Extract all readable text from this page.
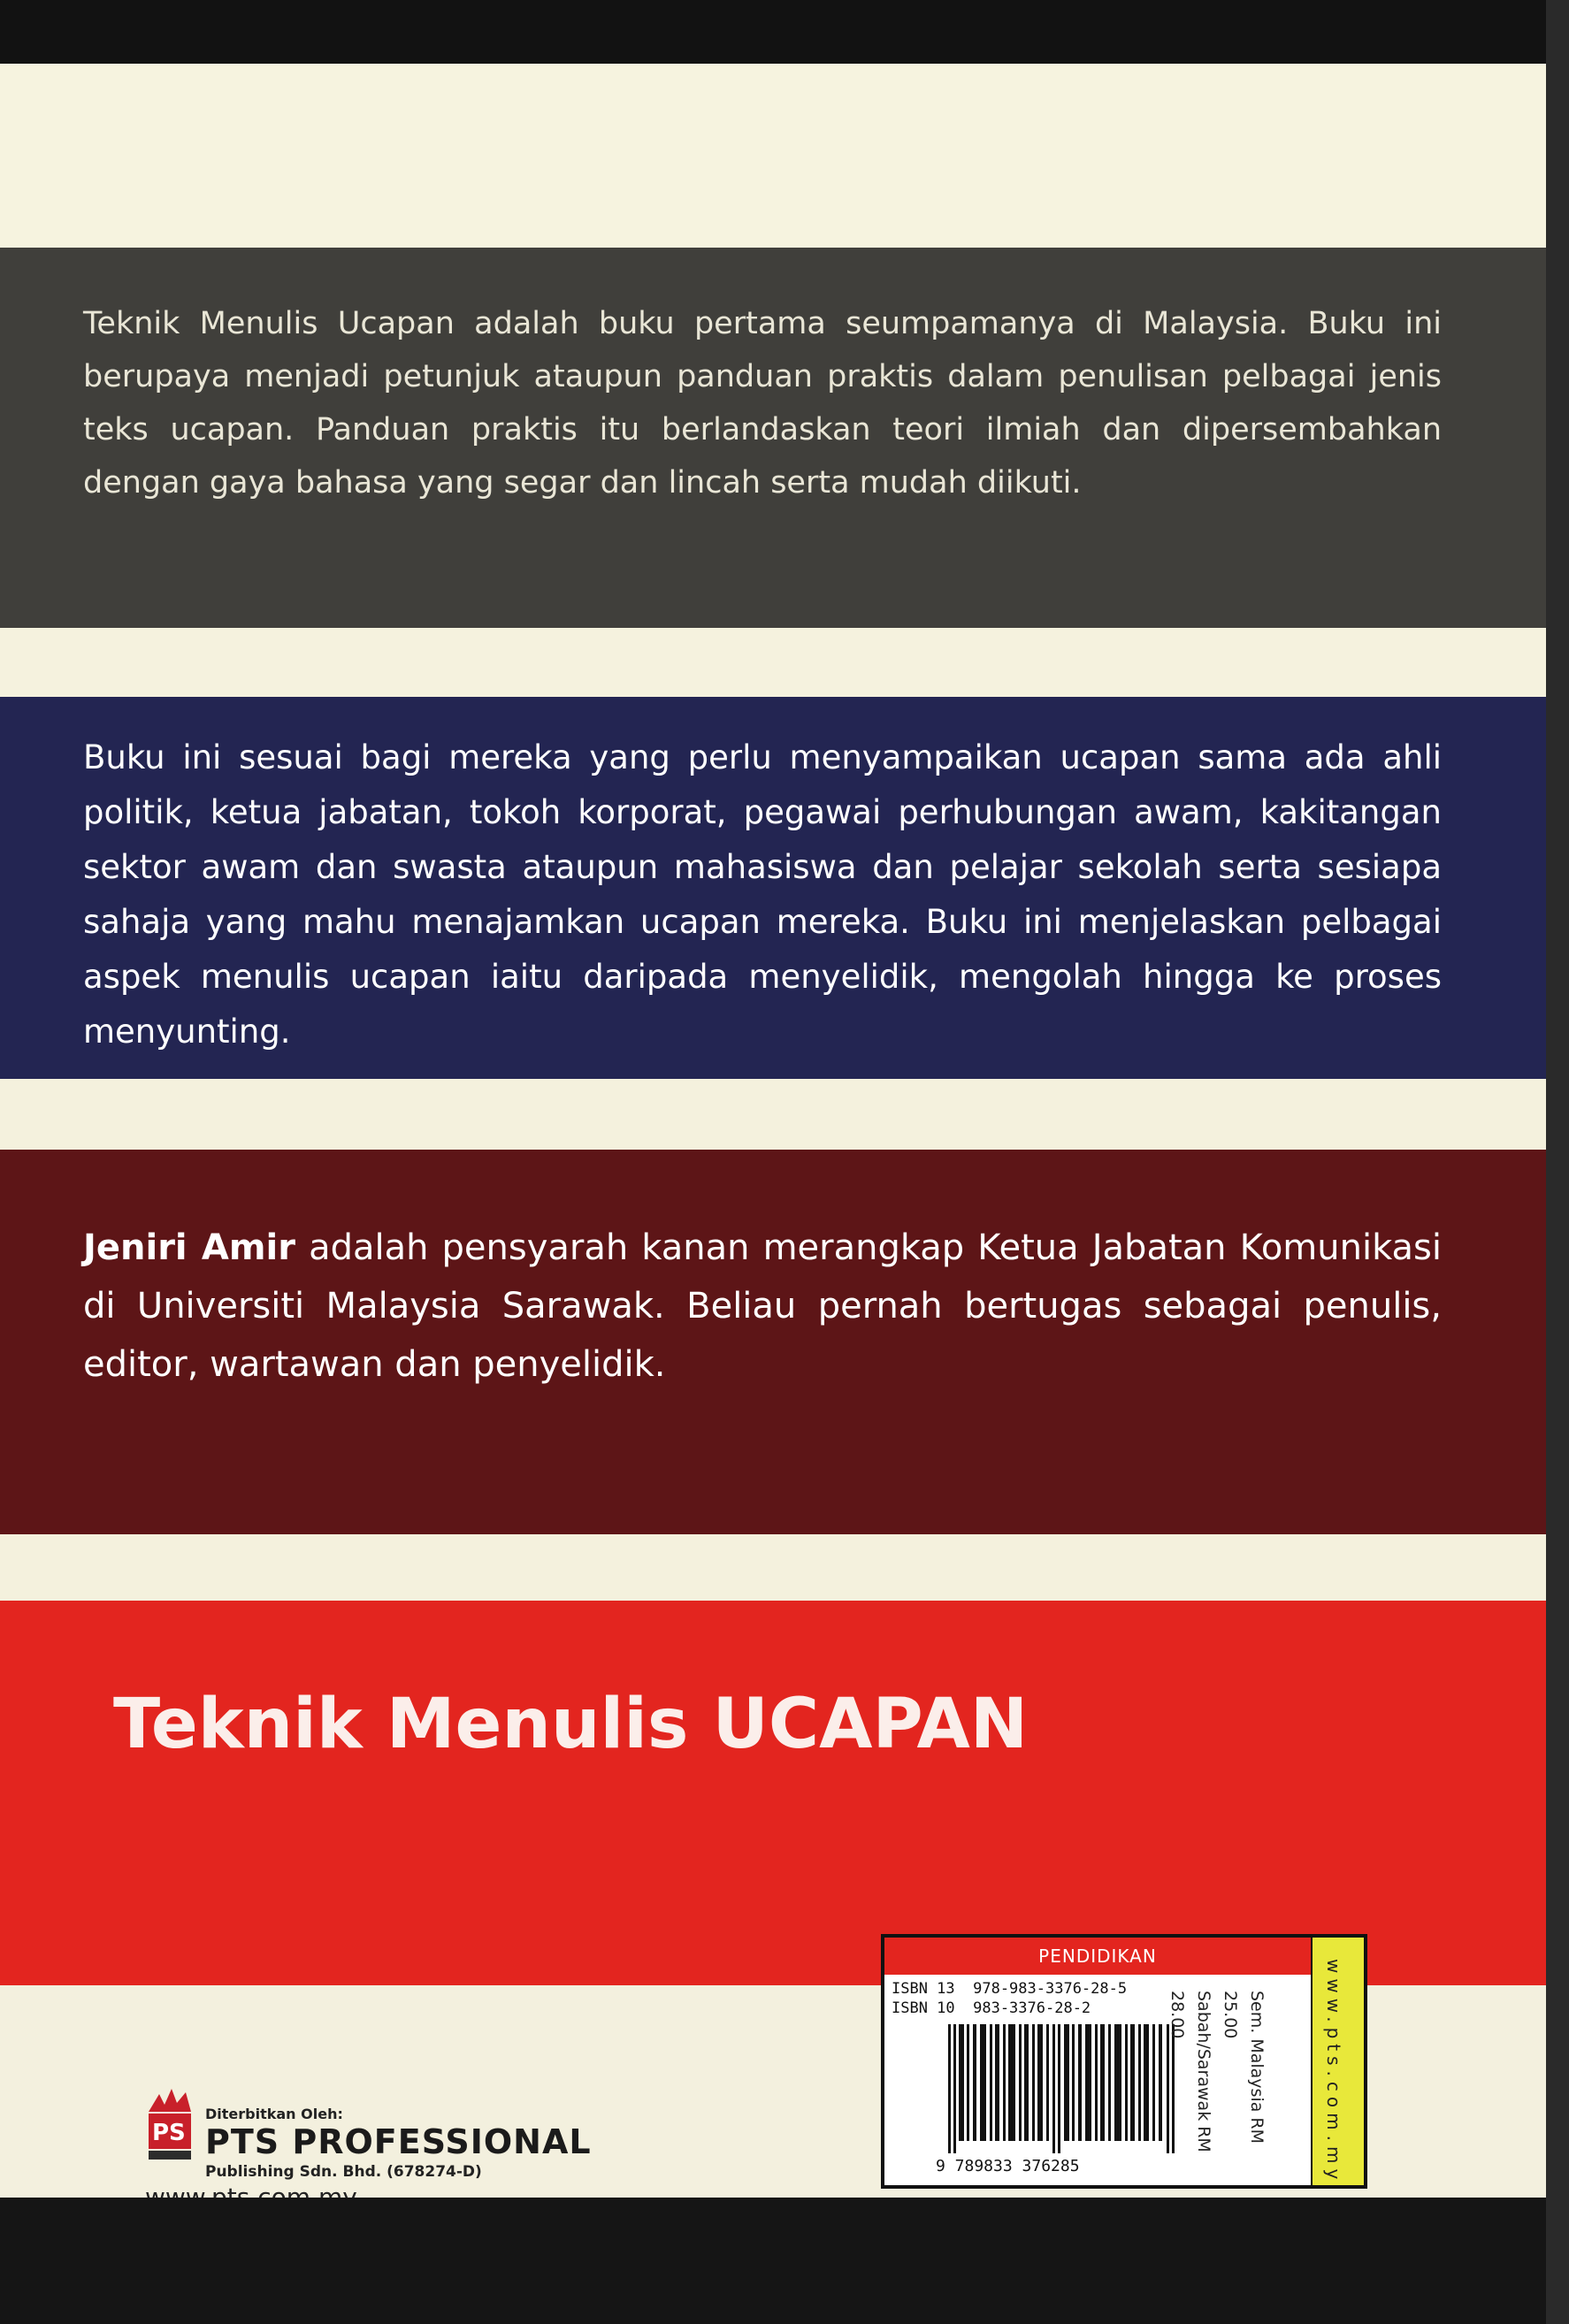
Teknik Menulis Ucapan adalah buku pertama seumpamanya di Malaysia. Buku ini berupaya menjadi petunjuk ataupun panduan praktis dalam penulisan pelbagai jenis teks ucapan. Panduan praktis itu berlandaskan teori ilmiah dan dipersembahkan dengan gaya bahasa yang segar dan lincah serta mudah diikuti.

Buku ini sesuai bagi mereka yang perlu menyampaikan ucapan sama ada ahli politik, ketua jabatan, tokoh korporat, pegawai perhubungan awam, kakitangan sektor awam dan swasta ataupun mahasiswa dan pelajar sekolah serta sesiapa sahaja yang mahu menajamkan ucapan mereka. Buku ini menjelaskan pelbagai aspek menulis ucapan iaitu daripada menyelidik, mengolah hingga ke proses menyunting.

Jeniri Amir adalah pensyarah kanan merangkap Ketua Jabatan Komunikasi di Universiti Malaysia Sarawak. Beliau pernah bertugas sebagai penulis, editor, wartawan dan penyelidik.

Teknik Menulis UCAPAN
PENDIDIKAN
ISBN 13  978-983-3376-28-5
ISBN 10  983-3376-28-2
9 789833 376285
Sem. Malaysia RM 25.00
Sabah/Sarawak RM 28.00	www.pts.com.my
PS
Diterbitkan Oleh:
PTS PROFESSIONAL
Publishing Sdn. Bhd. (678274-D)
